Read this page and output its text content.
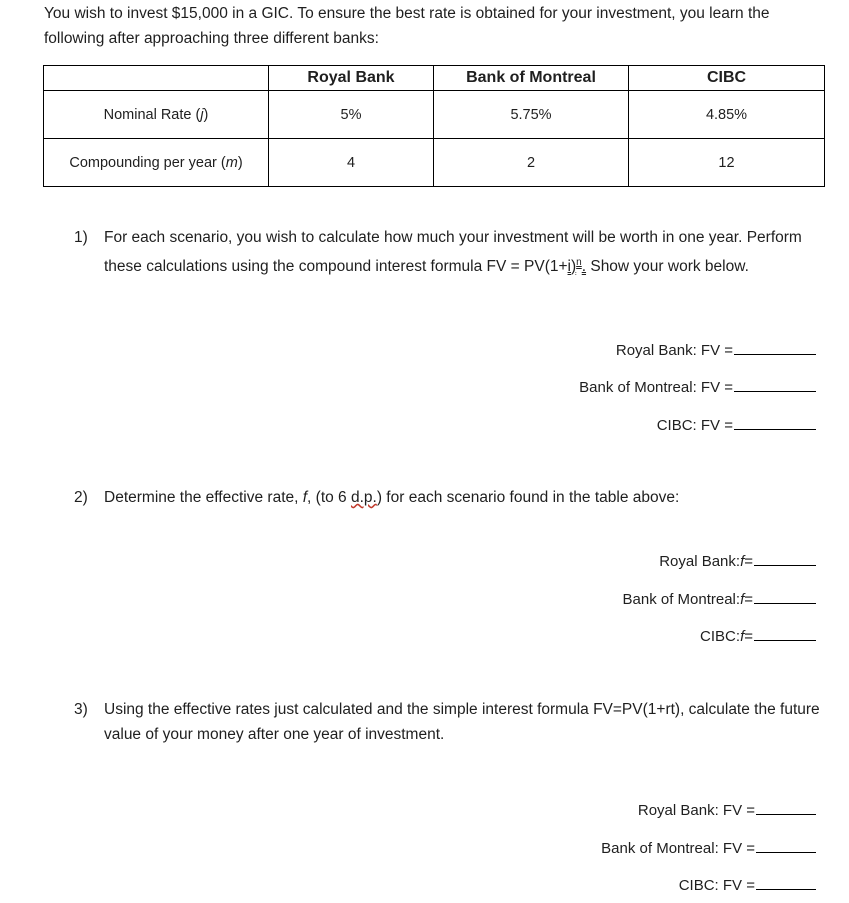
You wish to invest $15,000 in a GIC. To ensure the best rate is obtained for your investment, you learn the following after approaching three different banks:

	Royal Bank	Bank of Montreal	CIBC
Nominal Rate (j)	5%	5.75%	4.85%
Compounding per year (m)	4	2	12
1)	For each scenario, you wish to calculate how much your investment will be worth in one year. Perform these calculations using the compound interest formula FV = $PV(1+i)^n$. Show your work below.
Royal Bank: FV =
Bank of Montreal: FV =
CIBC: FV =
2)	Determine the effective rate, f, (to 6 d.p.) for each scenario found in the table above:
Royal Bank: f =
Bank of Montreal: f =
CIBC: f =
3)	Using the effective rates just calculated and the simple interest formula FV=PV(1+rt), calculate the future value of your money after one year of investment.
Royal Bank: FV =
Bank of Montreal: FV =
CIBC: FV =
